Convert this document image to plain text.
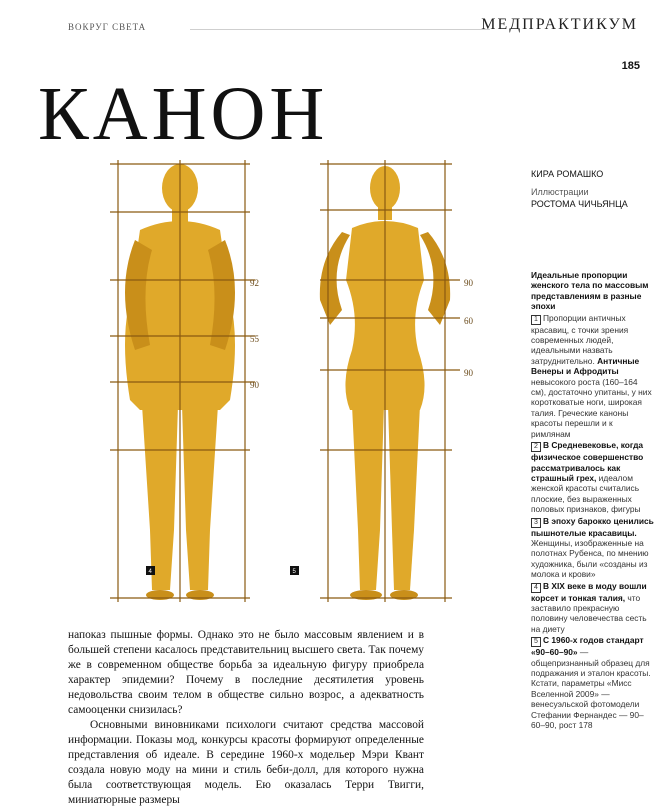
ВОКРУГ СВЕТА	МЕДПРАКТИКУМ
185
КАНОН
4
92
55
90
5
90
60
90
КИРА РОМАШКО
Иллюстрации
РОСТОМА ЧИЧЬЯНЦА
Идеальные пропорции женского тела по массовым представлениям в разные эпохи
1 Пропорции античных красавиц, с точки зрения современных людей, идеальными назвать затруднительно. Античные Венеры и Афродиты невысокого роста (160–164 см), достаточно упитаны, у них коротковатые ноги, широкая талия. Греческие каноны красоты перешли и к римлянам
2 В Средневековье, когда физическое совершенство рассматривалось как страшный грех, идеалом женской красоты считались плоские, без выраженных половых признаков, фигуры
3 В эпоху барокко ценились пышнотелые красавицы. Женщины, изображенные на полотнах Рубенса, по мнению художника, были «созданы из молока и крови»
4 В XIX веке в моду вошли корсет и тонкая талия, что заставило прекрасную половину человечества сесть на диету
5 С 1960-х годов стандарт «90–60–90» — общепризнанный образец для подражания и эталон красоты. Кстати, параметры «Мисс Вселенной 2009» — венесуэльской фотомодели Стефании Фернандес — 90–60–90, рост 178

напоказ пышные формы. Однако это не было массовым явлением и в большей степени касалось представительниц высшего света. Так почему же в современном обществе борьба за идеальную фигуру приобрела характер эпидемии? Почему в последние десятилетия уровень недовольства своим телом в обществе сильно возрос, а адекватность самооценки снизилась?

Основными виновниками психологи считают средства массовой информации. Показы мод, конкурсы красоты формируют определенные представления об идеале. В середине 1960-х модельер Мэри Квант создала новую моду на мини и стиль беби-долл, для которого нужна была соответствующая модель. Ею оказалась Терри Твигги, миниатюрные размеры
